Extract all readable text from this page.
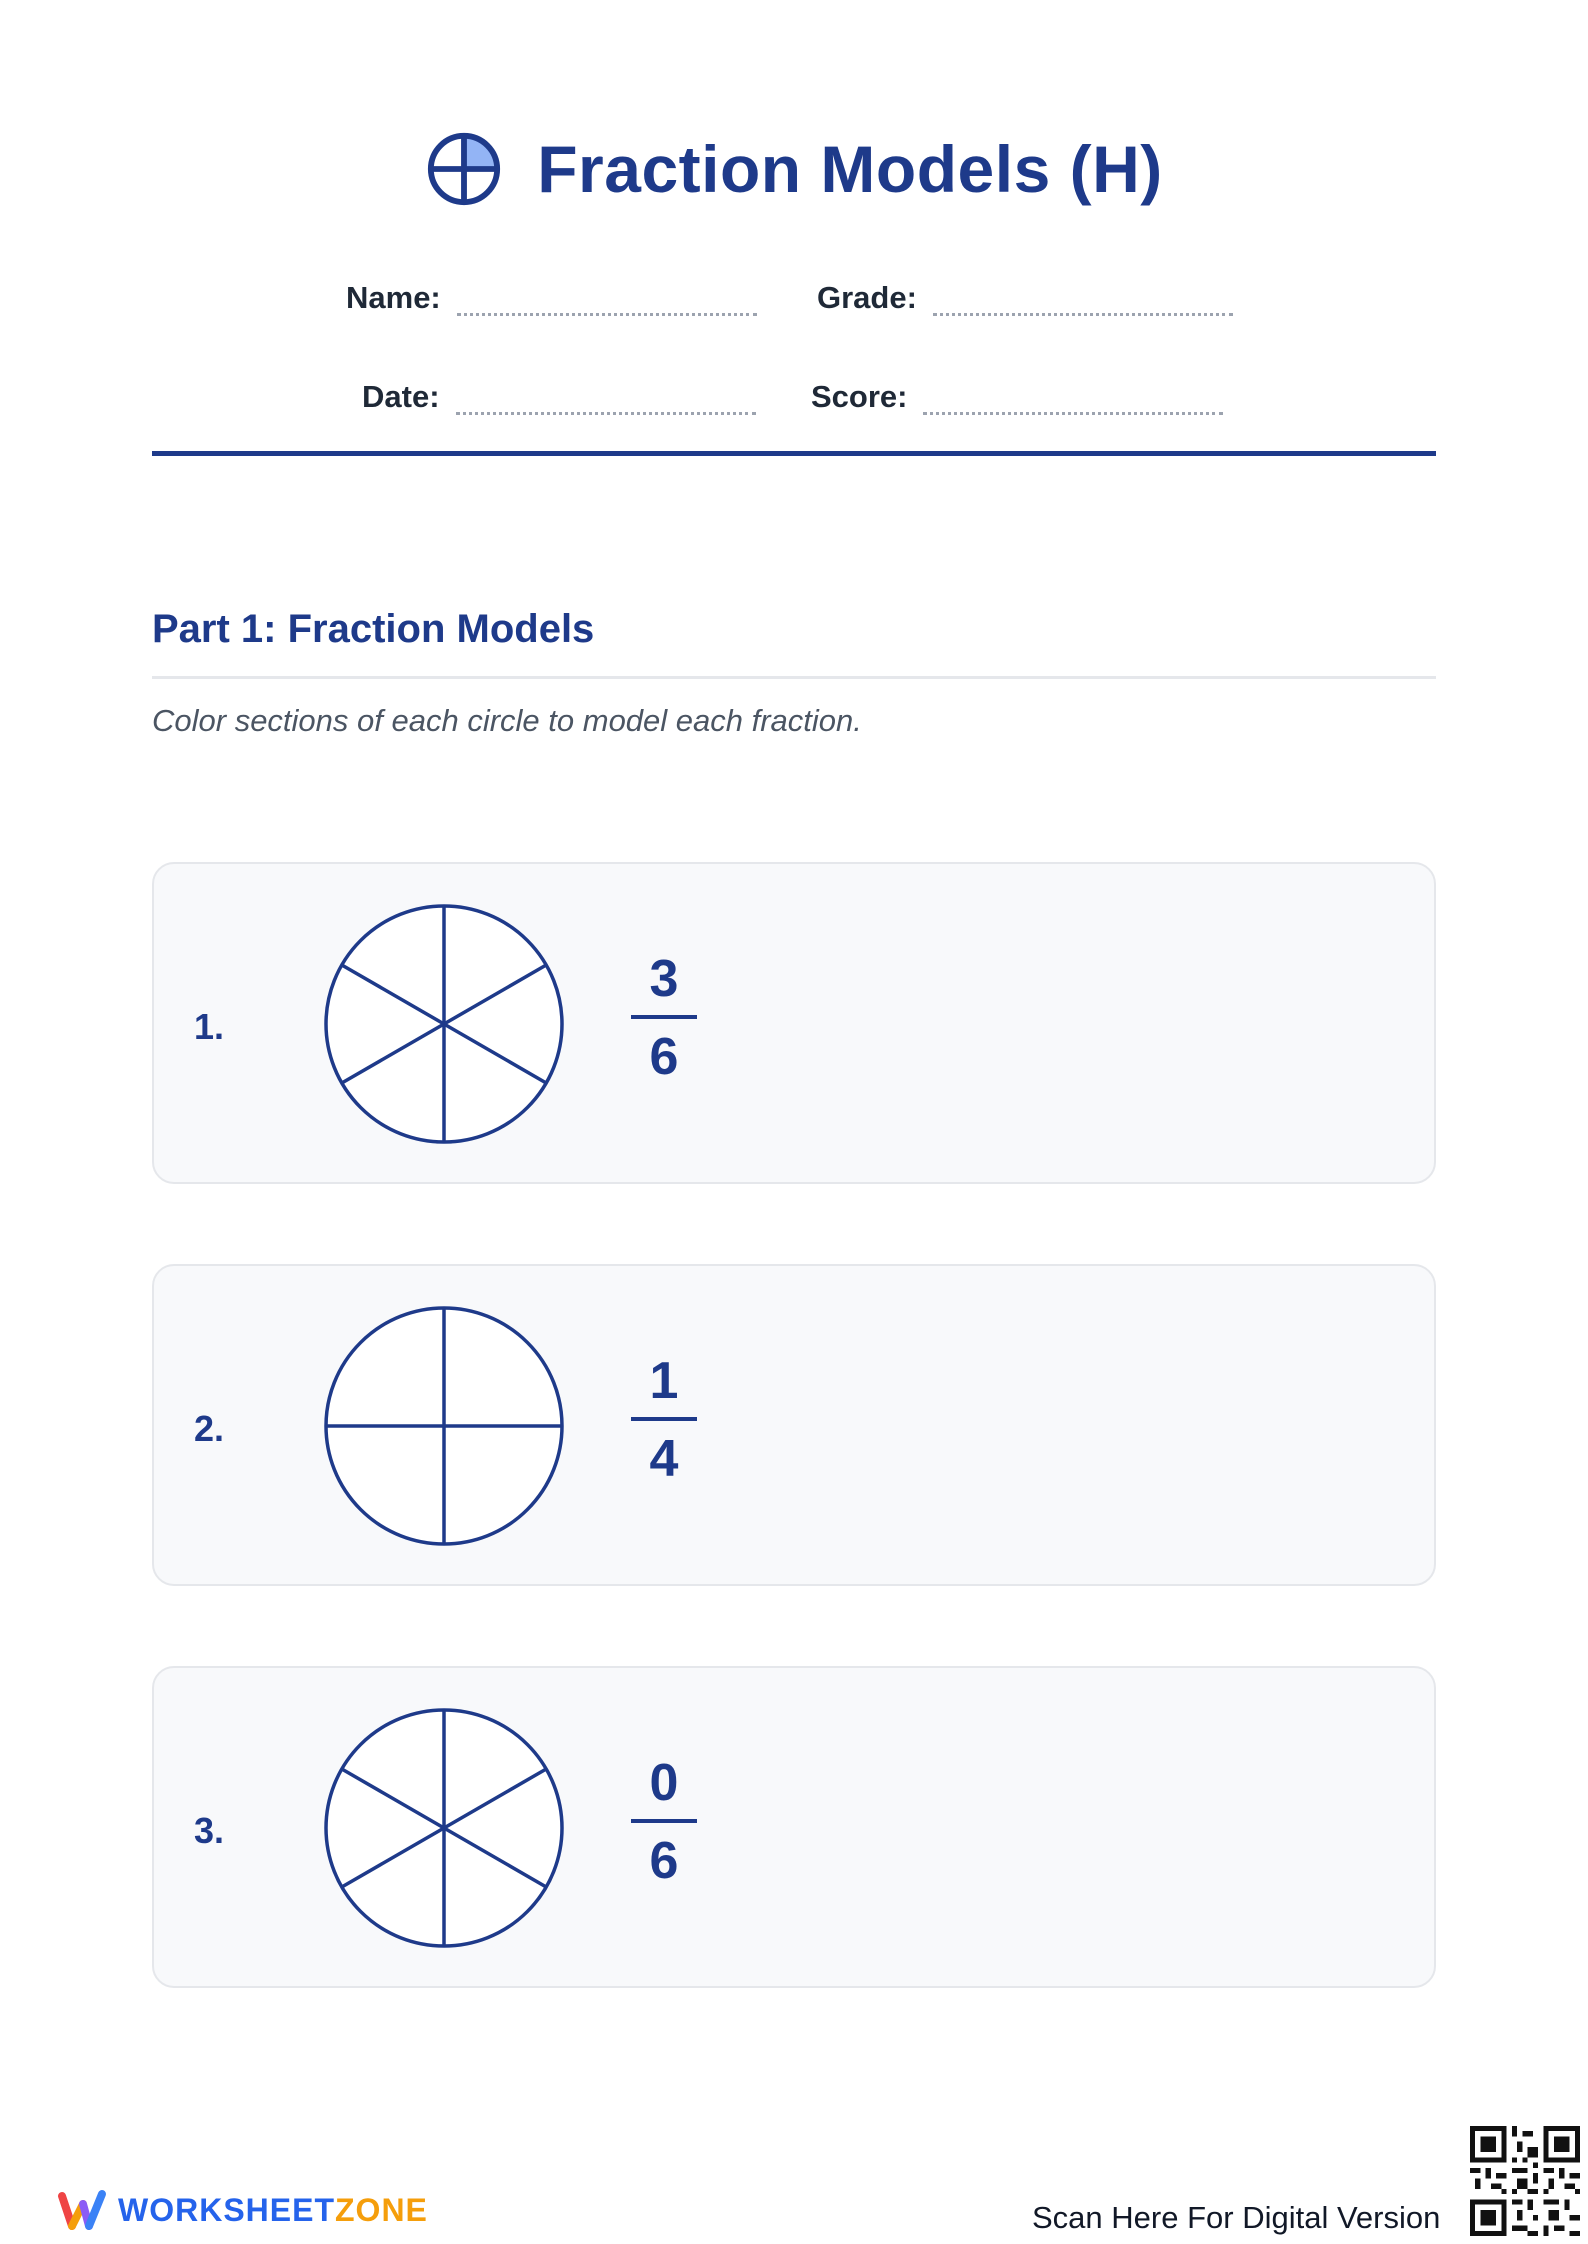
Fraction Models (H)
Name:	Grade:
Date:	Score:
Part 1: Fraction Models
Color sections of each circle to model each fraction.
1.
3
6
2.
1
4
3.
0
6
WORKSHEETZONE	Scan Here For Digital Version
